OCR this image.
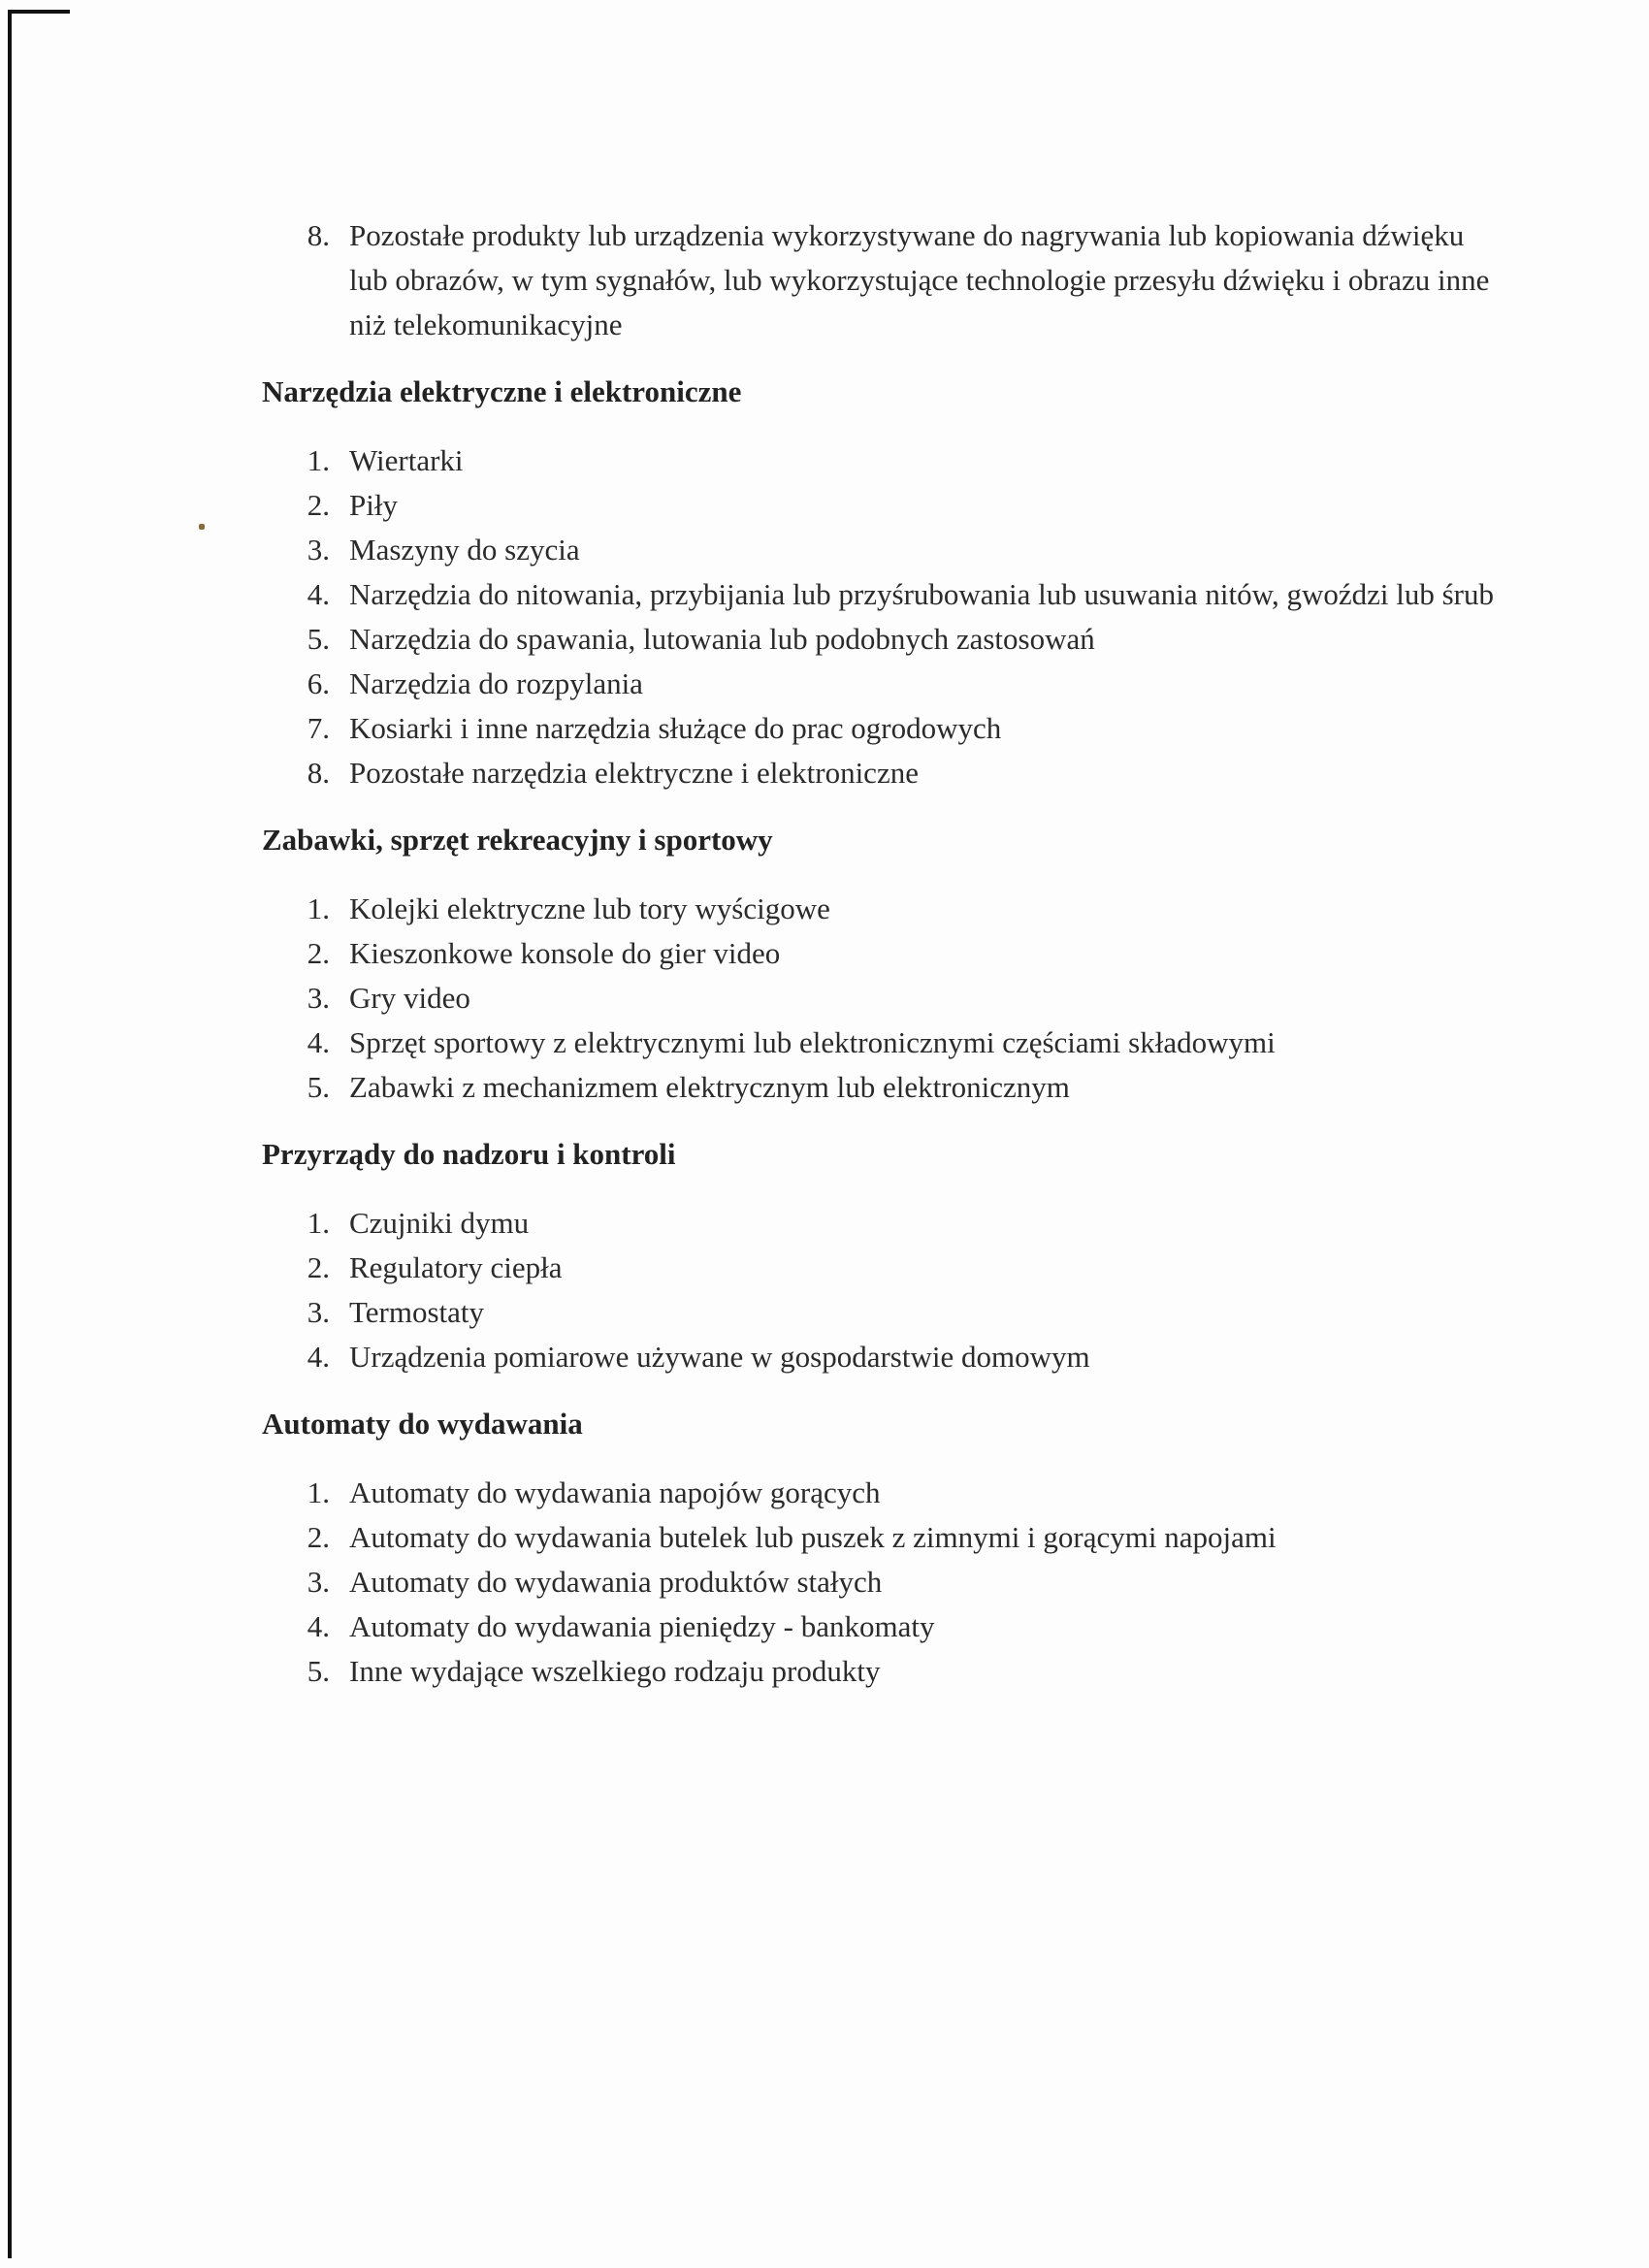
8. Pozostałe produkty lub urządzenia wykorzystywane do nagrywania lub kopiowania dźwięku lub obrazów, w tym sygnałów, lub wykorzystujące technologie przesyłu dźwięku i obrazu inne niż telekomunikacyjne
Narzędzia elektryczne i elektroniczne
1. Wiertarki
2. Piły
3. Maszyny do szycia
4. Narzędzia do nitowania, przybijania lub przyśrubowania lub usuwania nitów, gwoździ lub śrub
5. Narzędzia do spawania, lutowania lub podobnych zastosowań
6. Narzędzia do rozpylania
7. Kosiarki i inne narzędzia służące do prac ogrodowych
8. Pozostałe narzędzia elektryczne i elektroniczne
Zabawki, sprzęt rekreacyjny i sportowy
1. Kolejki elektryczne lub tory wyścigowe
2. Kieszonkowe konsole do gier video
3. Gry video
4. Sprzęt sportowy z elektrycznymi lub elektronicznymi częściami składowymi
5. Zabawki z mechanizmem elektrycznym lub elektronicznym
Przyrządy do nadzoru i kontroli
1. Czujniki dymu
2. Regulatory ciepła
3. Termostaty
4. Urządzenia pomiarowe używane w gospodarstwie domowym
Automaty do wydawania
1. Automaty do wydawania napojów gorących
2. Automaty do wydawania butelek lub puszek z zimnymi i gorącymi napojami
3. Automaty do wydawania produktów stałych
4. Automaty do wydawania pieniędzy - bankomaty
5. Inne wydające wszelkiego rodzaju produkty
